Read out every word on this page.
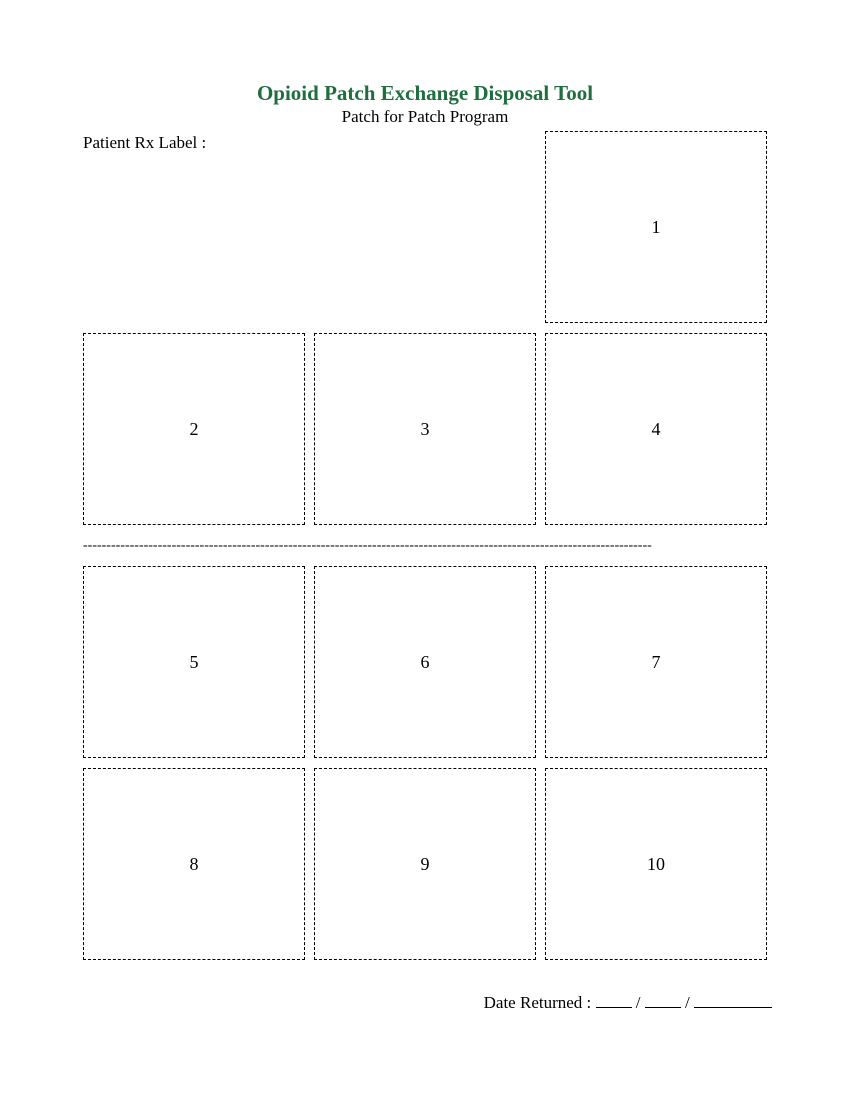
Opioid Patch Exchange Disposal Tool
Patch for Patch Program
Patient Rx Label :
1
2	3	4
--------------------------------------------------------------------------------------------------------------------------
5	6	7
8	9	10
Date Returned :	/	/
